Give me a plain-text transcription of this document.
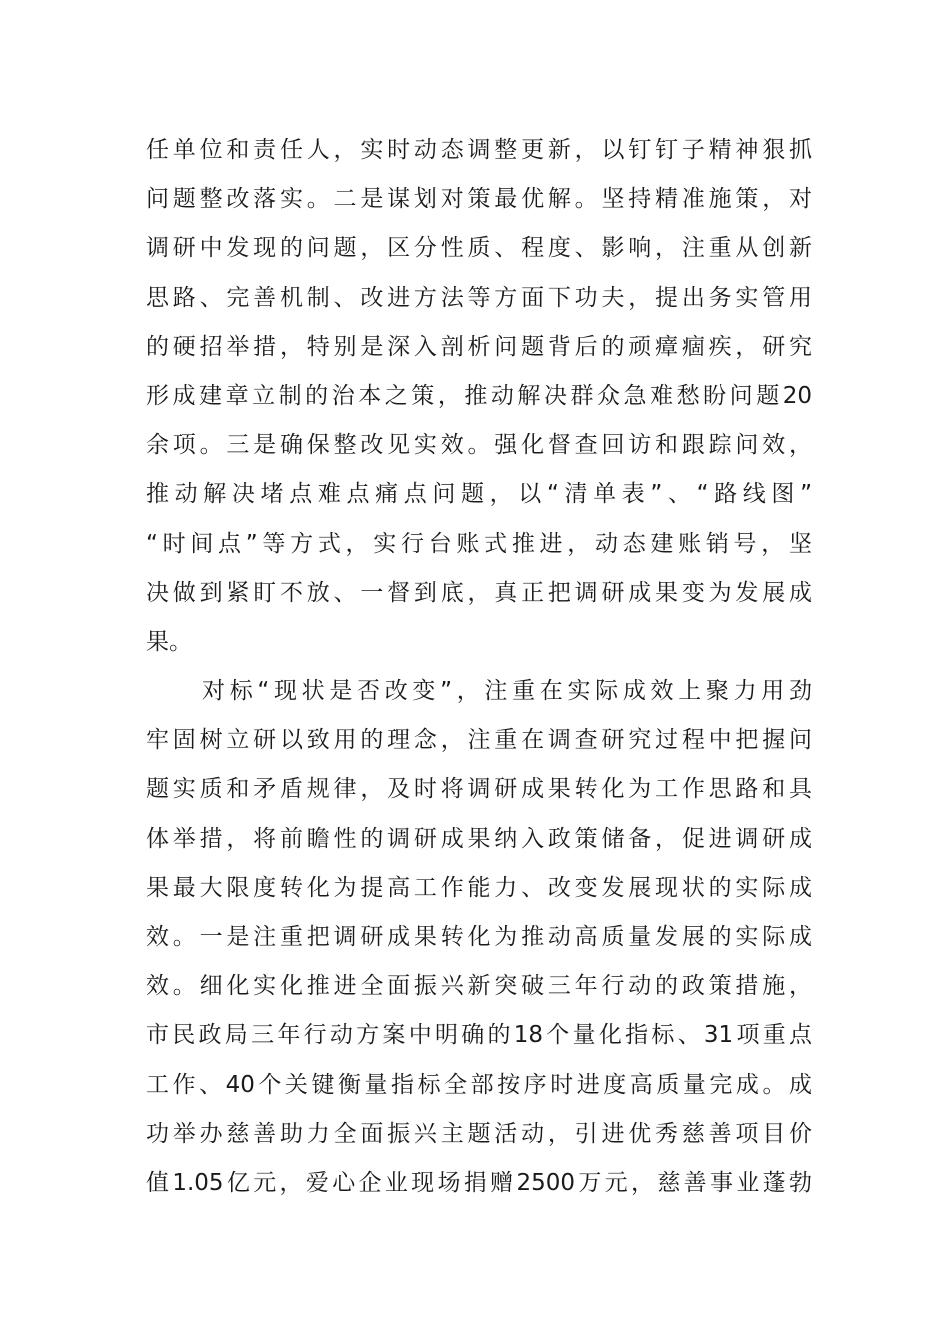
任单位和责任人，实时动态调整更新，以钉钉子精神狠抓
问题整改落实。二是谋划对策最优解。坚持精准施策，对
调研中发现的问题，区分性质、程度、影响，注重从创新
思路、完善机制、改进方法等方面下功夫，提出务实管用
的硬招举措，特别是深入剖析问题背后的顽瘴痼疾，研究
形成建章立制的治本之策，推动解决群众急难愁盼问题20
余项。三是确保整改见实效。强化督查回访和跟踪问效，
推动解决堵点难点痛点问题，以“清单表”、“路线图”
“时间点”等方式，实行台账式推进，动态建账销号，坚
决做到紧盯不放、一督到底，真正把调研成果变为发展成
果。
对标“现状是否改变”，注重在实际成效上聚力用劲
牢固树立研以致用的理念，注重在调查研究过程中把握问
题实质和矛盾规律，及时将调研成果转化为工作思路和具
体举措，将前瞻性的调研成果纳入政策储备，促进调研成
果最大限度转化为提高工作能力、改变发展现状的实际成
效。一是注重把调研成果转化为推动高质量发展的实际成
效。细化实化推进全面振兴新突破三年行动的政策措施，
市民政局三年行动方案中明确的18个量化指标、31项重点
工作、40个关键衡量指标全部按序时进度高质量完成。成
功举办慈善助力全面振兴主题活动，引进优秀慈善项目价
值1.05亿元，爱心企业现场捐赠2500万元，慈善事业蓬勃
